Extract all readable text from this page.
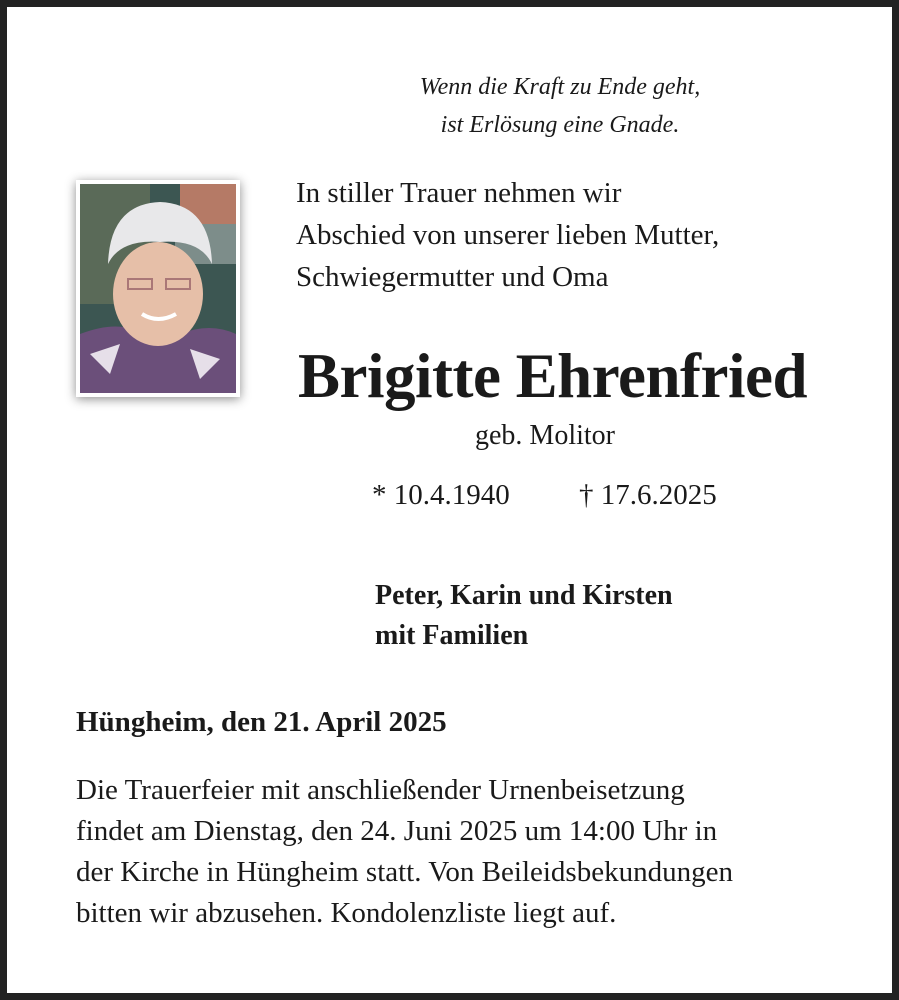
Wenn die Kraft zu Ende geht,
ist Erlösung eine Gnade.
In stiller Trauer nehmen wir
Abschied von unserer lieben Mutter,
Schwiegermutter und Oma
Brigitte Ehrenfried
geb. Molitor
* 10.4.1940 † 17.6.2025
Peter, Karin und Kirsten
mit Familien
Hüngheim, den 21. April 2025
Die Trauerfeier mit anschließender Urnenbeisetzung
findet am Dienstag, den 24. Juni 2025 um 14:00 Uhr in
der Kirche in Hüngheim statt. Von Beileidsbekundungen
bitten wir abzusehen. Kondolenzliste liegt auf.
